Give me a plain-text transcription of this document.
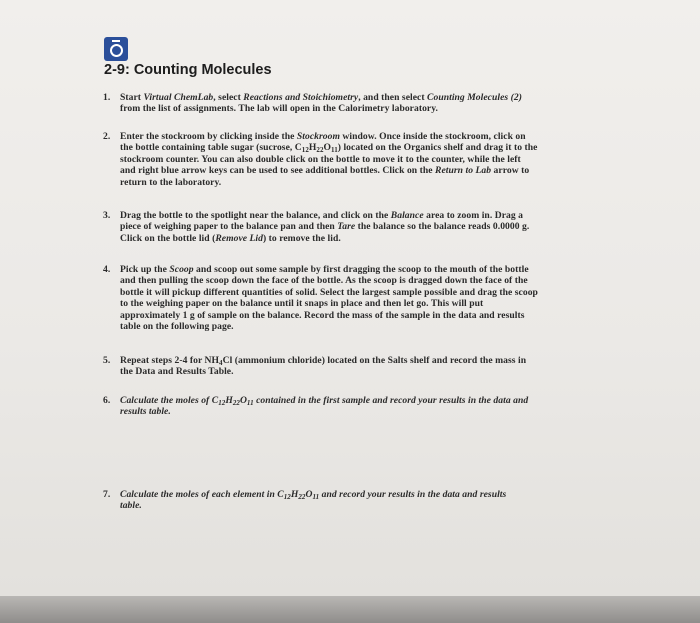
2-9: Counting Molecules
1.	Start Virtual ChemLab, select Reactions and Stoichiometry, and then select Counting Molecules (2)
from the list of assignments. The lab will open in the Calorimetry laboratory.
2.	Enter the stockroom by clicking inside the Stockroom window. Once inside the stockroom, click on
the bottle containing table sugar (sucrose, $C_{12}H_{22}O_{11}$) located on the Organics shelf and drag it to the
stockroom counter. You can also double click on the bottle to move it to the counter, while the left
and right blue arrow keys can be used to see additional bottles. Click on the Return to Lab arrow to
return to the laboratory.
3.	Drag the bottle to the spotlight near the balance, and click on the Balance area to zoom in. Drag a
piece of weighing paper to the balance pan and then Tare the balance so the balance reads 0.0000 g.
Click on the bottle lid (Remove Lid) to remove the lid.
4.	Pick up the Scoop and scoop out some sample by first dragging the scoop to the mouth of the bottle
and then pulling the scoop down the face of the bottle. As the scoop is dragged down the face of the
bottle it will pickup different quantities of solid. Select the largest sample possible and drag the scoop
to the weighing paper on the balance until it snaps in place and then let go. This will put
approximately 1 g of sample on the balance. Record the mass of the sample in the data and results
table on the following page.
5.	Repeat steps 2-4 for $NH_4Cl$ (ammonium chloride) located on the Salts shelf and record the mass in
the Data and Results Table.
6.	Calculate the moles of $C_{12}H_{22}O_{11}$ contained in the first sample and record your results in the data and
results table.
7.	Calculate the moles of each element in $C_{12}H_{22}O_{11}$ and record your results in the data and results
table.
